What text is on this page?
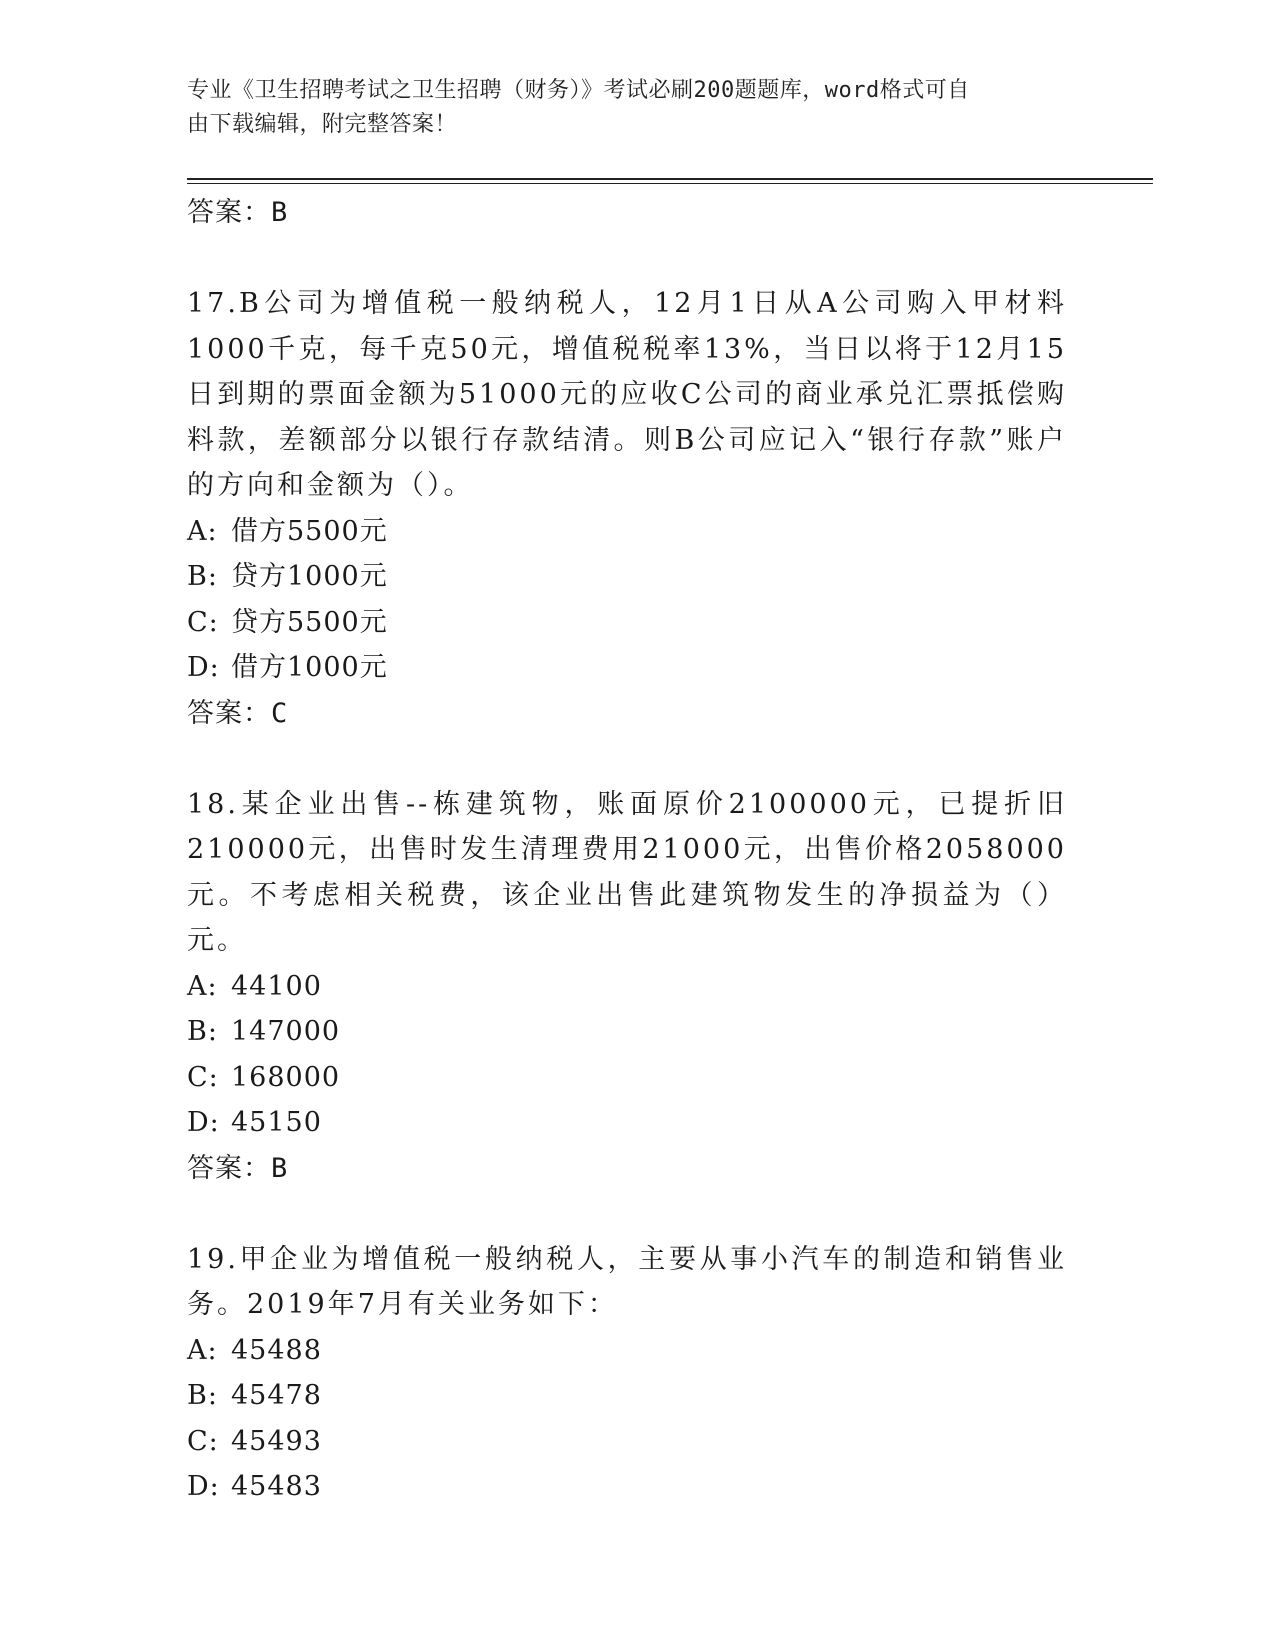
专业《卫生招聘考试之卫生招聘（财务）》考试必刷200题题库，word格式可自
由下载编辑，附完整答案！
答案：B
17.B公司为增值税一般纳税人，12月1日从A公司购入甲材料1000千克，每千克50元，增值税税率13%，当日以将于12月15日到期的票面金额为51000元的应收C公司的商业承兑汇票抵偿购料款，差额部分以银行存款结清。则B公司应记入“银行存款”账户的方向和金额为（）。
A: 借方5500元
B: 贷方1000元
C: 贷方5500元
D: 借方1000元
答案：C
18.某企业出售--栋建筑物，账面原价2100000元，已提折旧210000元，出售时发生清理费用21000元，出售价格2058000元。不考虑相关税费，该企业出售此建筑物发生的净损益为（）元。
A: 44100
B: 147000
C: 168000
D: 45150
答案：B
19.甲企业为增值税一般纳税人，主要从事小汽车的制造和销售业务。2019年7月有关业务如下：
A: 45488
B: 45478
C: 45493
D: 45483
